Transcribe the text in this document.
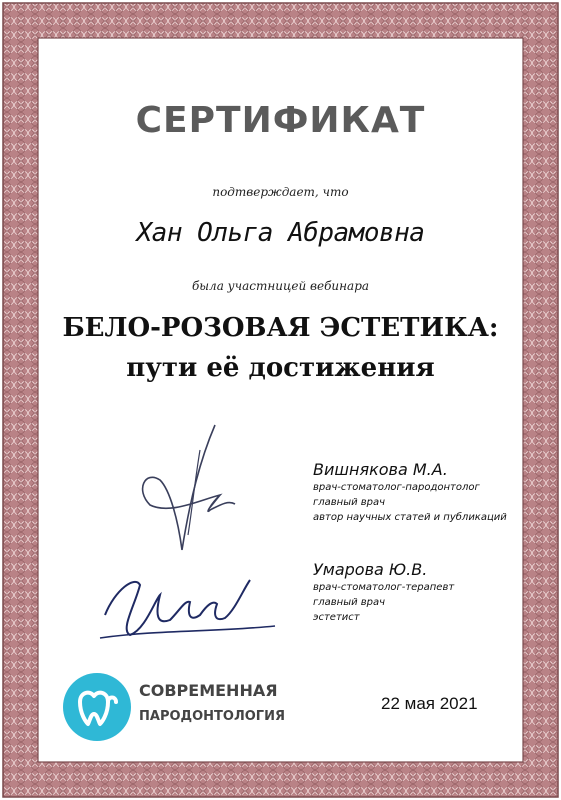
СЕРТИФИКАТ
подтверждает, что
Хан Ольга Абрамовна
была участницей вебинара
БЕЛО-РОЗОВАЯ ЭСТЕТИКА:
пути её достижения
Вишнякова М.А.
врач-стоматолог-пародонтолог
главный врач
автор научных статей и публикаций
Умарова Ю.В.
врач-стоматолог-терапевт
главный врач
эстетист
СОВРЕМЕННАЯ
ПАРОДОНТОЛОГИЯ
22 мая 2021
